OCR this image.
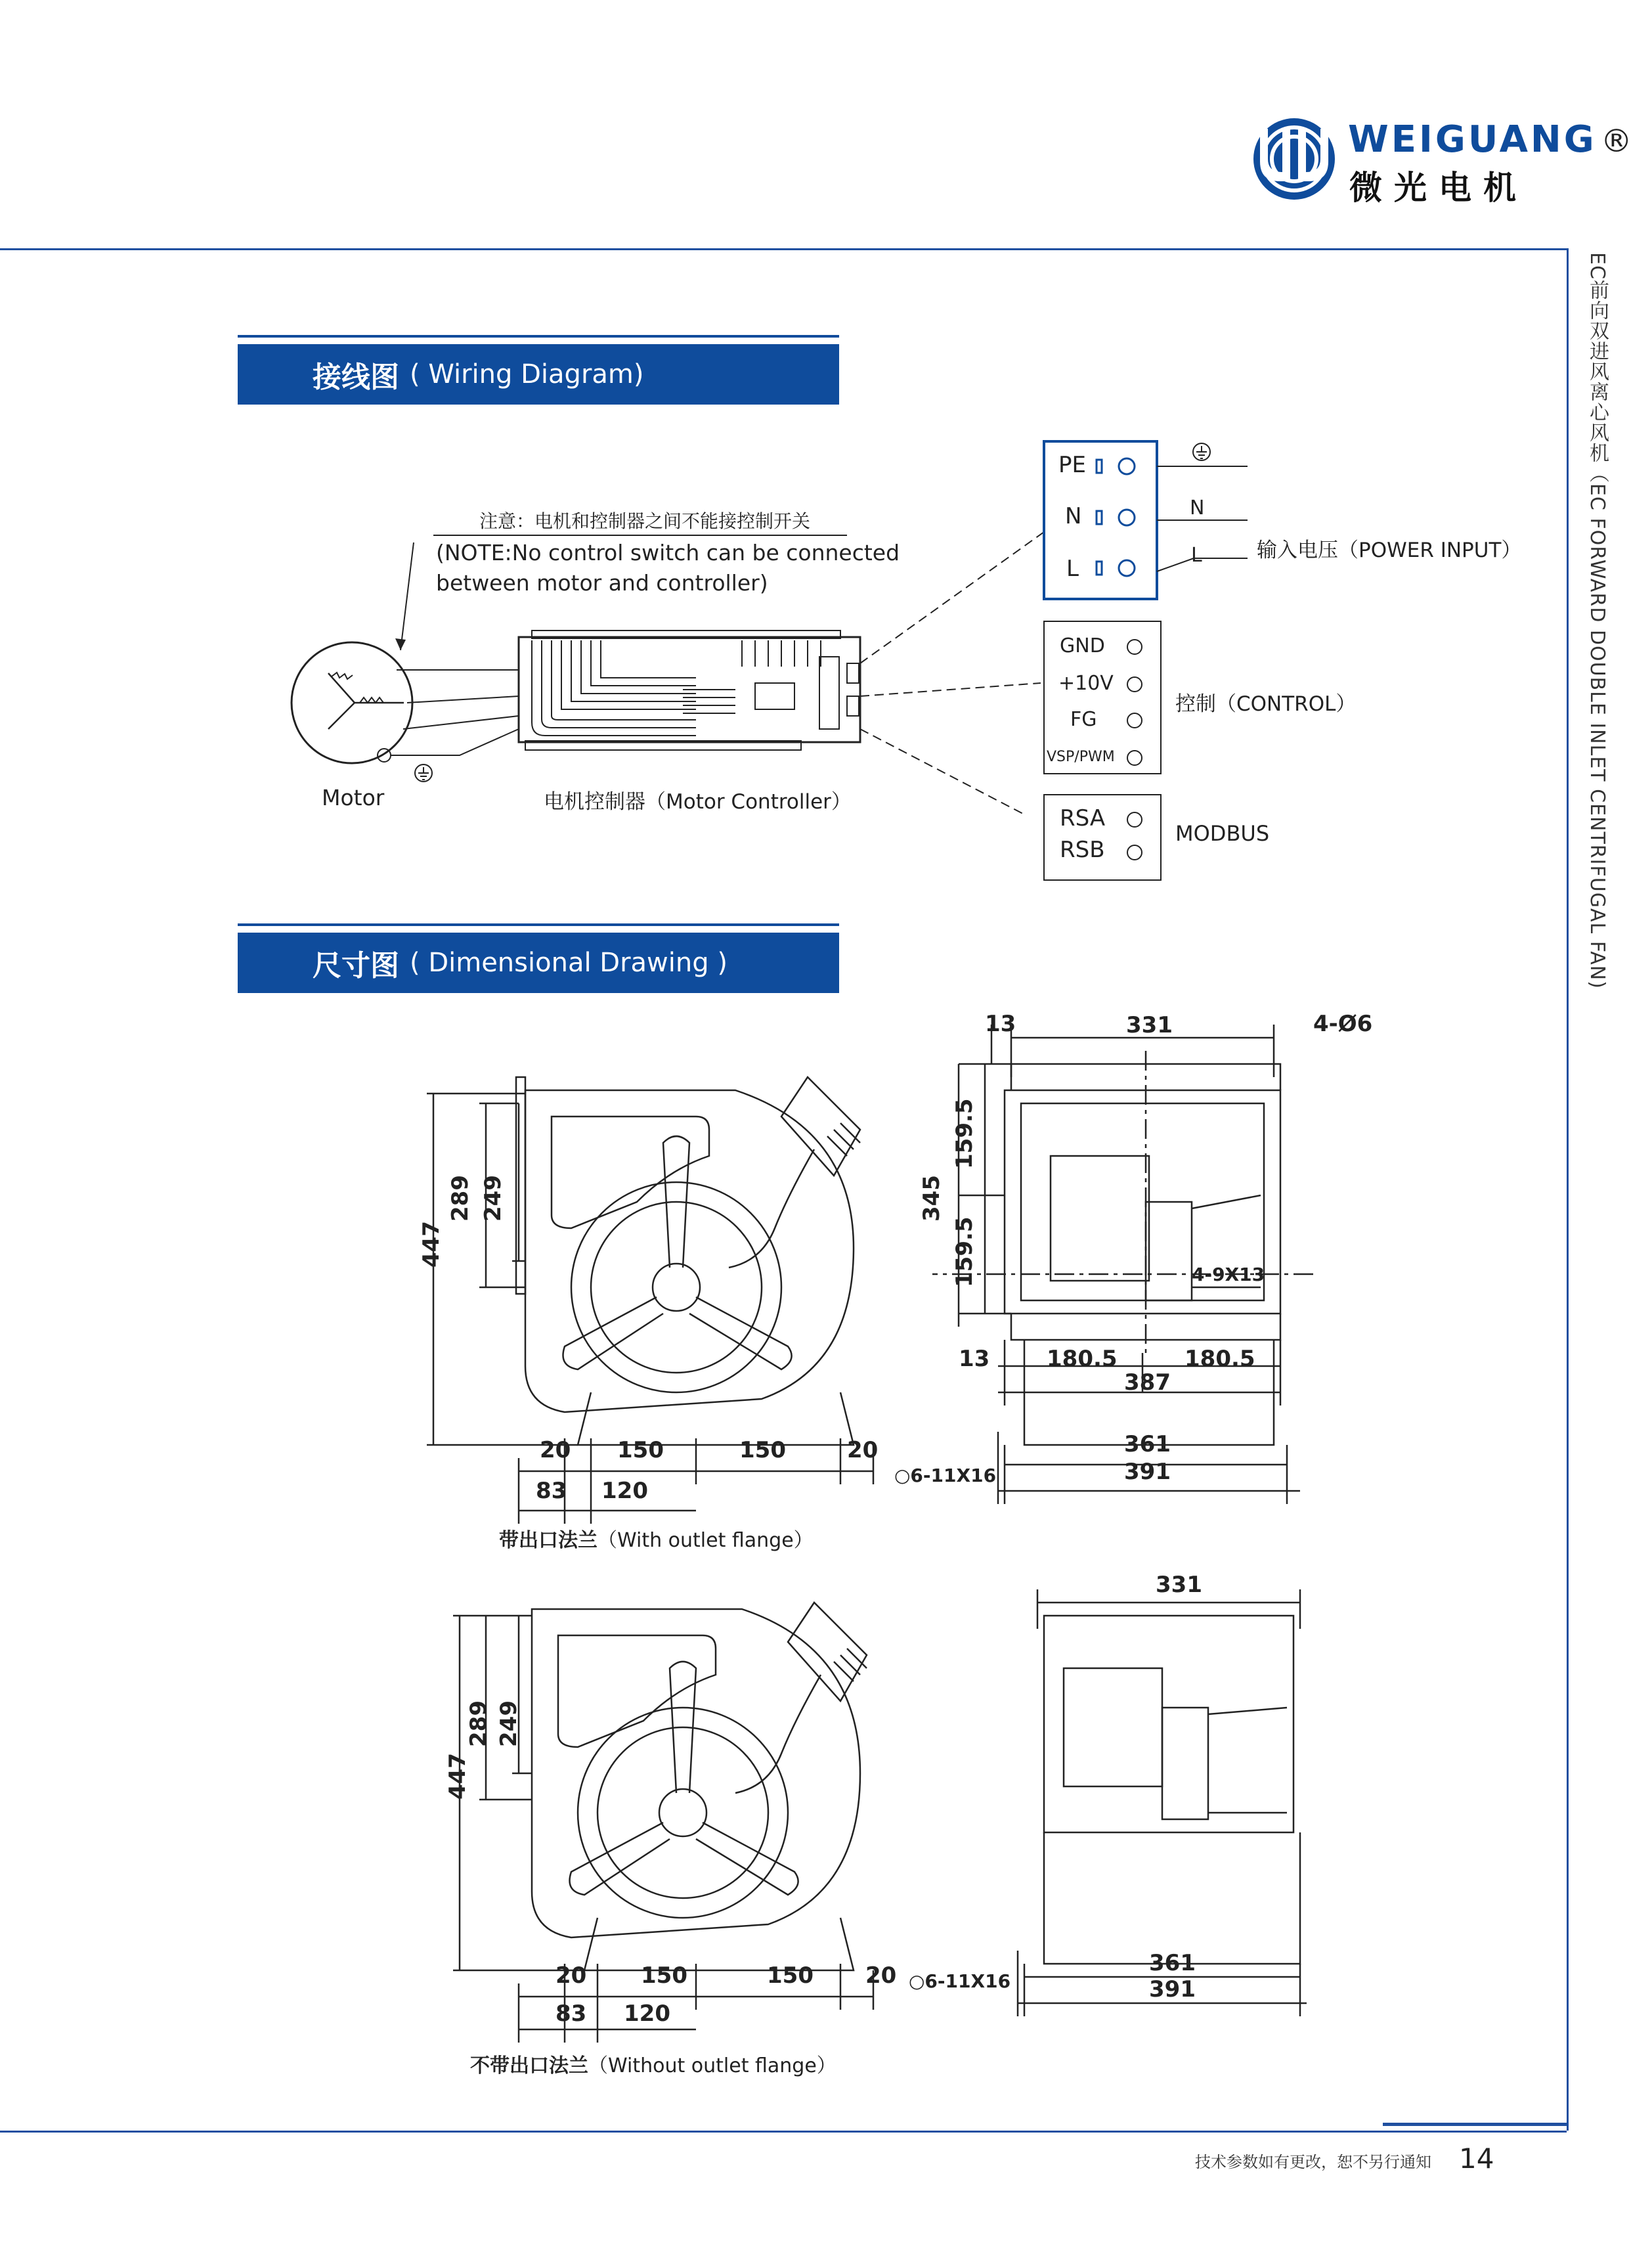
WEIGUANG ®
微光电机
EC前向双进风离心风机（EC FORWARD DOUBLE INLET CENTRIFUGAL FAN)
接线图 ( Wiring Diagram)
注意：电机和控制器之间不能接控制开关
(NOTE:No control switch can be connected
between motor and controller)
Motor	电机控制器（Motor Controller）
PE
N
L
N
L	输入电压（POWER INPUT）
GND
+10V
FG
VSP/PWM
控制（CONTROL）
RSA
RSB
MODBUS
尺寸图 ( Dimensional Drawing )
447
289 249
13	331	4-Ø6
159.5
345
159.5	4-9X13
13	180.5	180.5
387
361
391
○6-11X16
20 150	150	20
83 120
带出口法兰（With outlet flange）
447
289 249
331
361
391
○6-11X16
20 150	150 20
83 120
不带出口法兰（Without outlet flange）
技术参数如有更改，恕不另行通知 14
